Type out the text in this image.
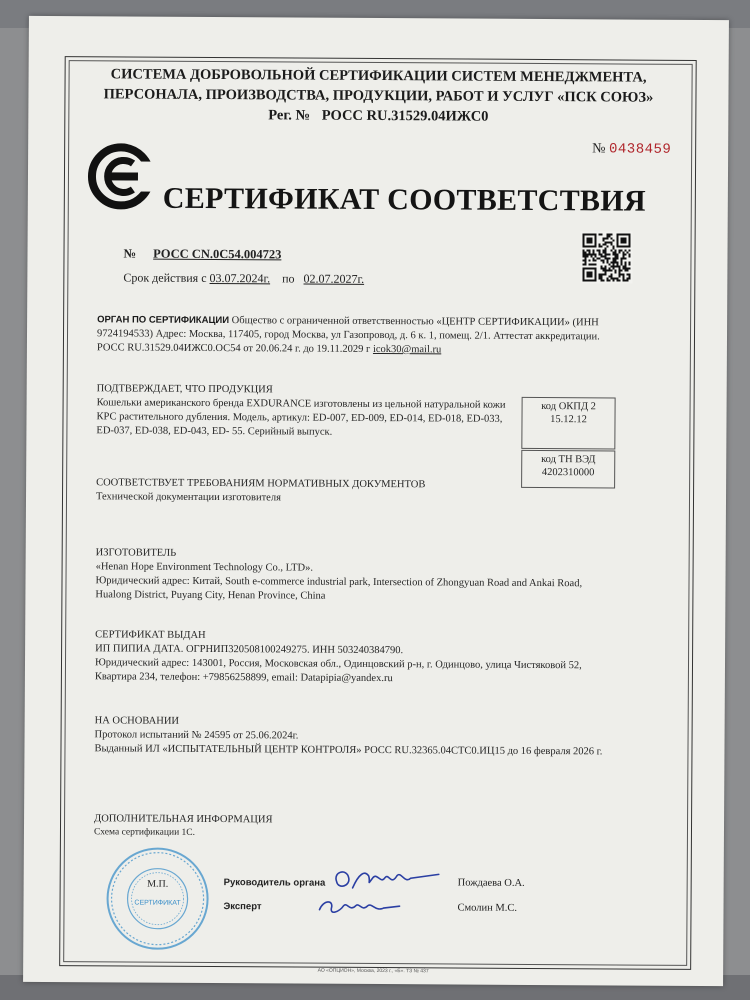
СИСТЕМА ДОБРОВОЛЬНОЙ СЕРТИФИКАЦИИ СИСТЕМ МЕНЕДЖМЕНТА,
ПЕРСОНАЛА, ПРОИЗВОДСТВА, ПРОДУКЦИИ, РАБОТ И УСЛУГ «ПСК СОЮЗ»
Рег. № РОСС RU.31529.04ИЖС0
№ 0438459
СЕРТИФИКАТ СООТВЕТСТВИЯ
№ РОСС CN.0C54.004723
Срок действия с 03.07.2024г. по 02.07.2027г.
ОРГАН ПО СЕРТИФИКАЦИИ Общество с ограниченной ответственностью «ЦЕНТР СЕРТИФИКАЦИИ» (ИНН 9724194533) Адрес: Москва, 117405, город Москва, ул Газопровод, д. 6 к. 1, помещ. 2/1. Аттестат аккредитации. РОСС RU.31529.04ИЖС0.ОС54 от 20.06.24 г. до 19.11.2029 г icok30@mail.ru
ПОДТВЕРЖДАЕТ, ЧТО ПРОДУКЦИЯ
Кошельки американского бренда EXDURANCE изготовлены из цельной натуральной кожи КРС растительного дубления. Модель, артикул: ED-007, ED-009, ED-014, ED-018, ED-033, ED-037, ED-038, ED-043, ED- 55. Серийный выпуск.
код ОКПД 2
15.12.12
код ТН ВЭД
4202310000
СООТВЕТСТВУЕТ ТРЕБОВАНИЯМ НОРМАТИВНЫХ ДОКУМЕНТОВ
Технической документации изготовителя
ИЗГОТОВИТЕЛЬ
«Henan Hope Environment Technology Co., LTD».
Юридический адрес: Китай, South e-commerce industrial park, Intersection of Zhongyuan Road and Ankai Road, Hualong District, Puyang City, Henan Province, China
СЕРТИФИКАТ ВЫДАН
ИП ПИПИА ДАТА. ОГРНИП320508100249275. ИНН 503240384790.
Юридический адрес: 143001, Россия, Московская обл., Одинцовский р-н, г. Одинцово, улица Чистяковой 52, Квартира 234, телефон: +79856258899, email: Datapipia@yandex.ru
НА ОСНОВАНИИ
Протокол испытаний № 24595 от 25.06.2024г.
Выданный ИЛ «ИСПЫТАТЕЛЬНЫЙ ЦЕНТР КОНТРОЛЯ» РОСС RU.32365.04СТС0.ИЦ15 до 16 февраля 2026 г.
ДОПОЛНИТЕЛЬНАЯ ИНФОРМАЦИЯ
Схема сертификации 1С.
М.П.
СЕРТИФИКАТ
Руководитель органа
Эксперт
Пождаева О.А.
Смолин М.С.
АО «ОПЦИОН», Москва, 2023 г., «Б». ТЗ № 437
